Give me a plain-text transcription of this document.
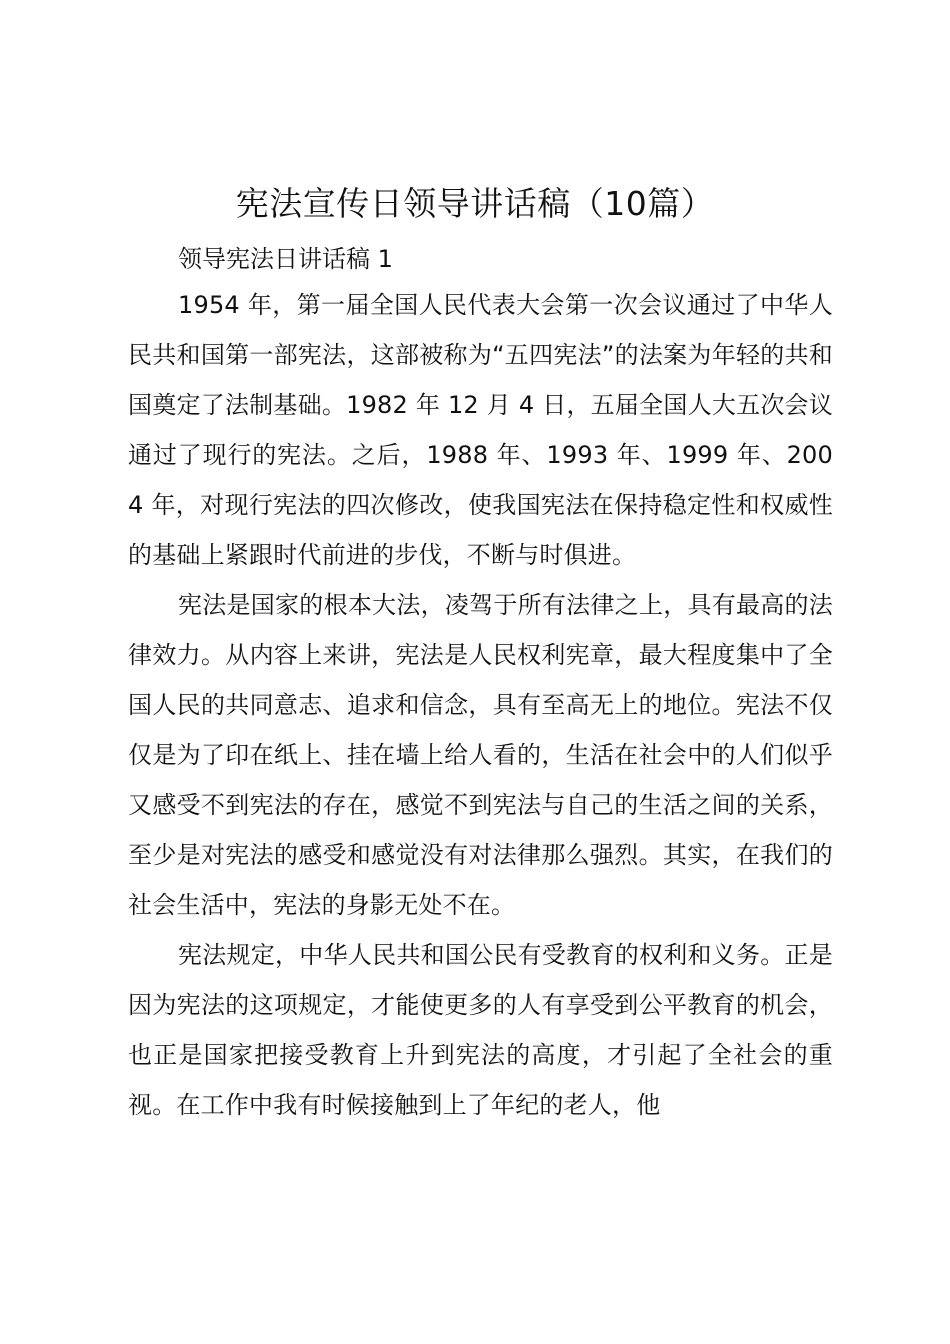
宪法宣传日领导讲话稿（10篇）

领导宪法日讲话稿 1

1954 年，第一届全国人民代表大会第一次会议通过了中华人民共和国第一部宪法，这部被称为“五四宪法”的法案为年轻的共和国奠定了法制基础。1982 年 12 月 4 日，五届全国人大五次会议通过了现行的宪法。之后，1988 年、1993 年、1999 年、2004 年，对现行宪法的四次修改，使我国宪法在保持稳定性和权威性的基础上紧跟时代前进的步伐，不断与时俱进。

宪法是国家的根本大法，凌驾于所有法律之上，具有最高的法律效力。从内容上来讲，宪法是人民权利宪章，最大程度集中了全国人民的共同意志、追求和信念，具有至高无上的地位。宪法不仅仅是为了印在纸上、挂在墙上给人看的，生活在社会中的人们似乎又感受不到宪法的存在，感觉不到宪法与自己的生活之间的关系，至少是对宪法的感受和感觉没有对法律那么强烈。其实，在我们的社会生活中，宪法的身影无处不在。

宪法规定，中华人民共和国公民有受教育的权利和义务。正是因为宪法的这项规定，才能使更多的人有享受到公平教育的机会，也正是国家把接受教育上升到宪法的高度，才引起了全社会的重视。在工作中我有时候接触到上了年纪的老人，他
